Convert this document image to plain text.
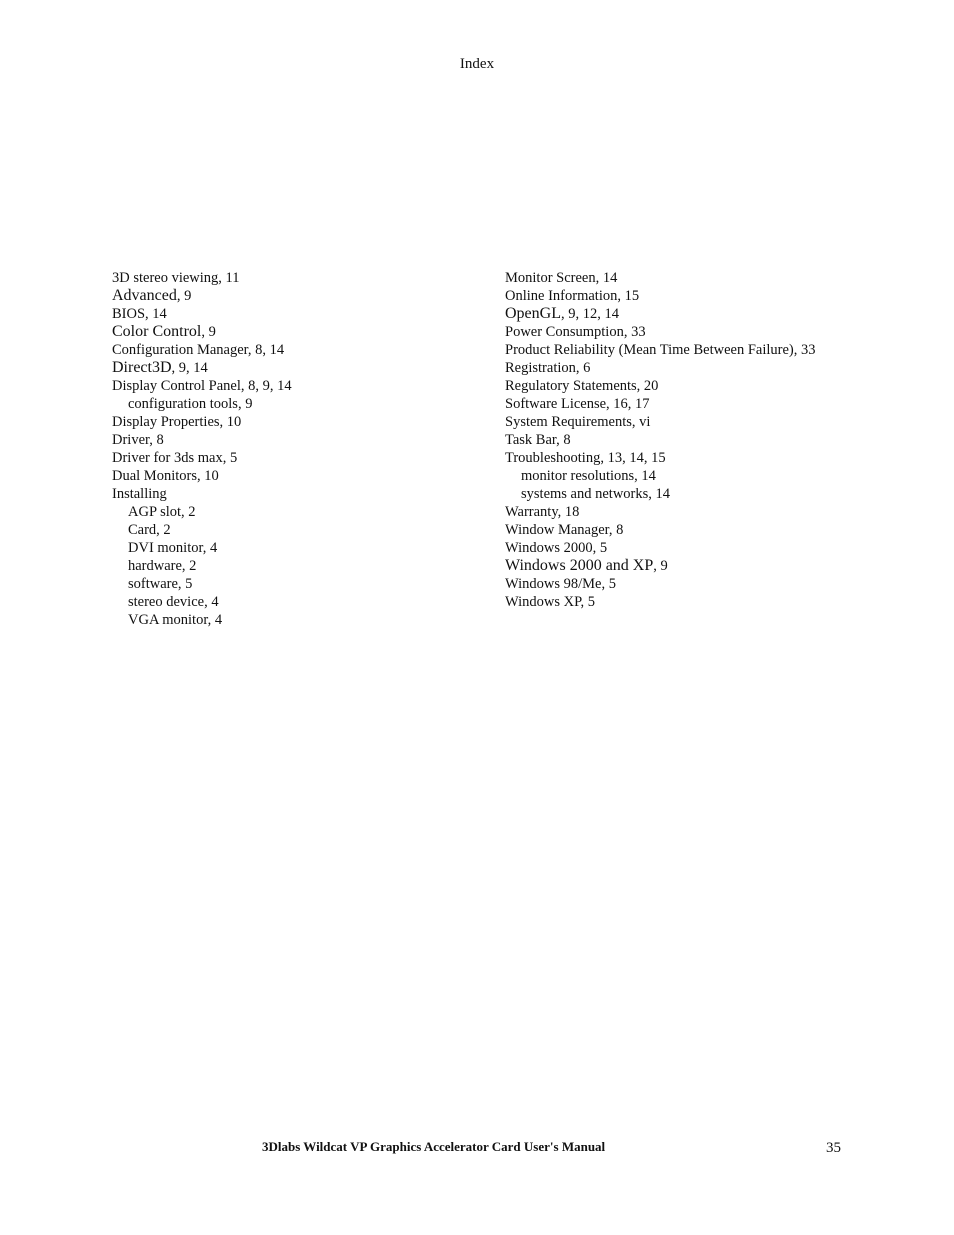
Index
3D stereo viewing, 11
Advanced, 9
BIOS, 14
Color Control, 9
Configuration Manager, 8, 14
Direct3D, 9, 14
Display Control Panel, 8, 9, 14
configuration tools, 9
Display Properties, 10
Driver, 8
Driver for 3ds max, 5
Dual Monitors, 10
Installing
AGP slot, 2
Card, 2
DVI monitor, 4
hardware, 2
software, 5
stereo device, 4
VGA monitor, 4
Monitor Screen, 14
Online Information, 15
OpenGL, 9, 12, 14
Power Consumption, 33
Product Reliability (Mean Time Between Failure), 33
Registration, 6
Regulatory Statements, 20
Software License, 16, 17
System Requirements, vi
Task Bar, 8
Troubleshooting, 13, 14, 15
monitor resolutions, 14
systems and networks, 14
Warranty, 18
Window Manager, 8
Windows 2000, 5
Windows 2000 and XP, 9
Windows 98/Me, 5
Windows XP, 5
3Dlabs Wildcat VP Graphics Accelerator Card User's Manual	35
